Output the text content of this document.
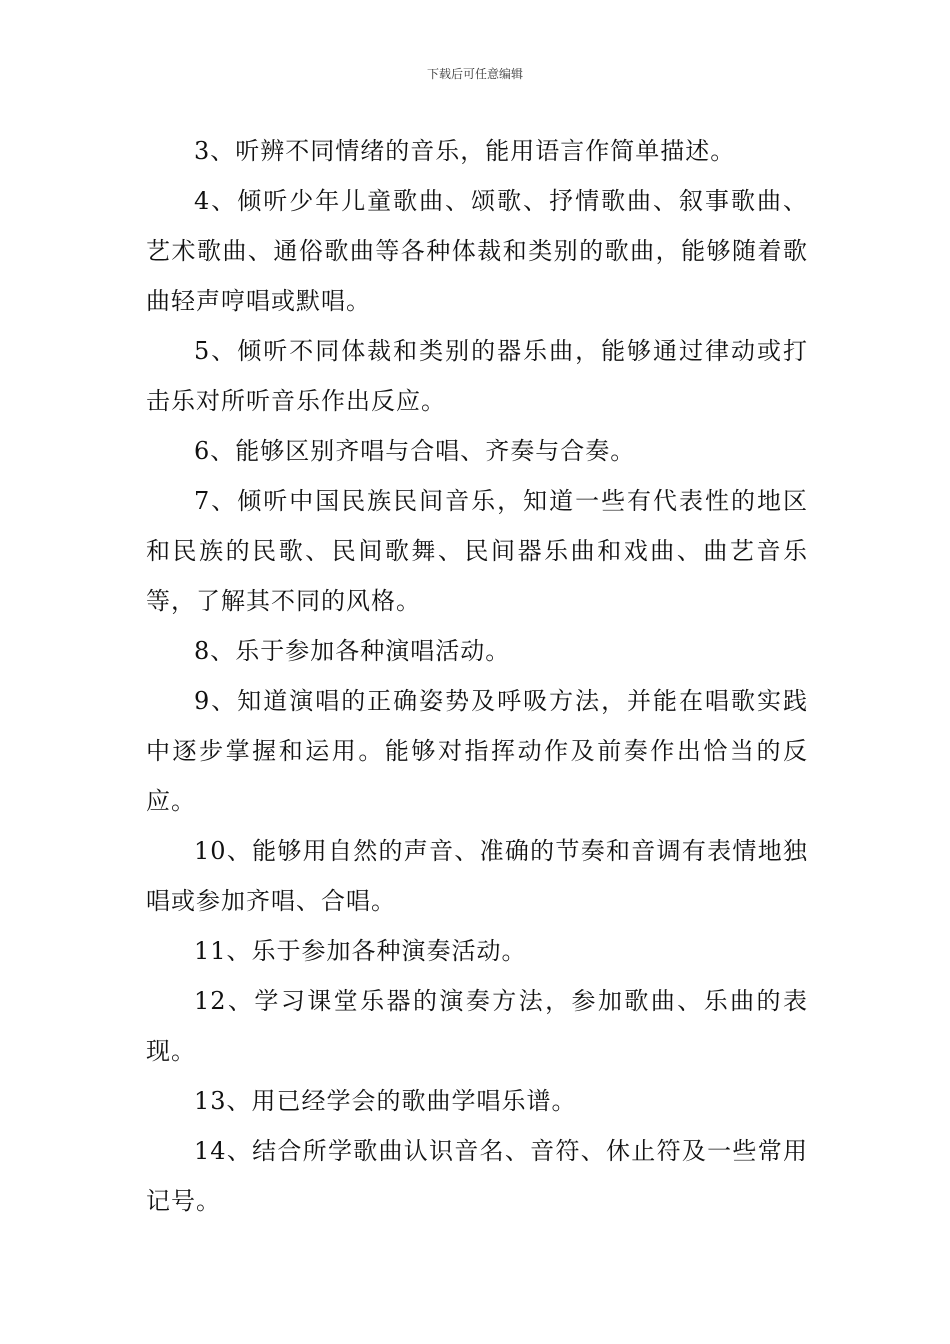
下载后可任意编辑

3、听辨不同情绪的音乐，能用语言作简单描述。

4、倾听少年儿童歌曲、颂歌、抒情歌曲、叙事歌曲、艺术歌曲、通俗歌曲等各种体裁和类别的歌曲，能够随着歌曲轻声哼唱或默唱。

5、倾听不同体裁和类别的器乐曲，能够通过律动或打击乐对所听音乐作出反应。

6、能够区别齐唱与合唱、齐奏与合奏。

7、倾听中国民族民间音乐，知道一些有代表性的地区和民族的民歌、民间歌舞、民间器乐曲和戏曲、曲艺音乐等，了解其不同的风格。

8、乐于参加各种演唱活动。

9、知道演唱的正确姿势及呼吸方法，并能在唱歌实践中逐步掌握和运用。能够对指挥动作及前奏作出恰当的反应。

10、能够用自然的声音、准确的节奏和音调有表情地独唱或参加齐唱、合唱。

11、乐于参加各种演奏活动。

12、学习课堂乐器的演奏方法，参加歌曲、乐曲的表现。

13、用已经学会的歌曲学唱乐谱。

14、结合所学歌曲认识音名、音符、休止符及一些常用记号。
